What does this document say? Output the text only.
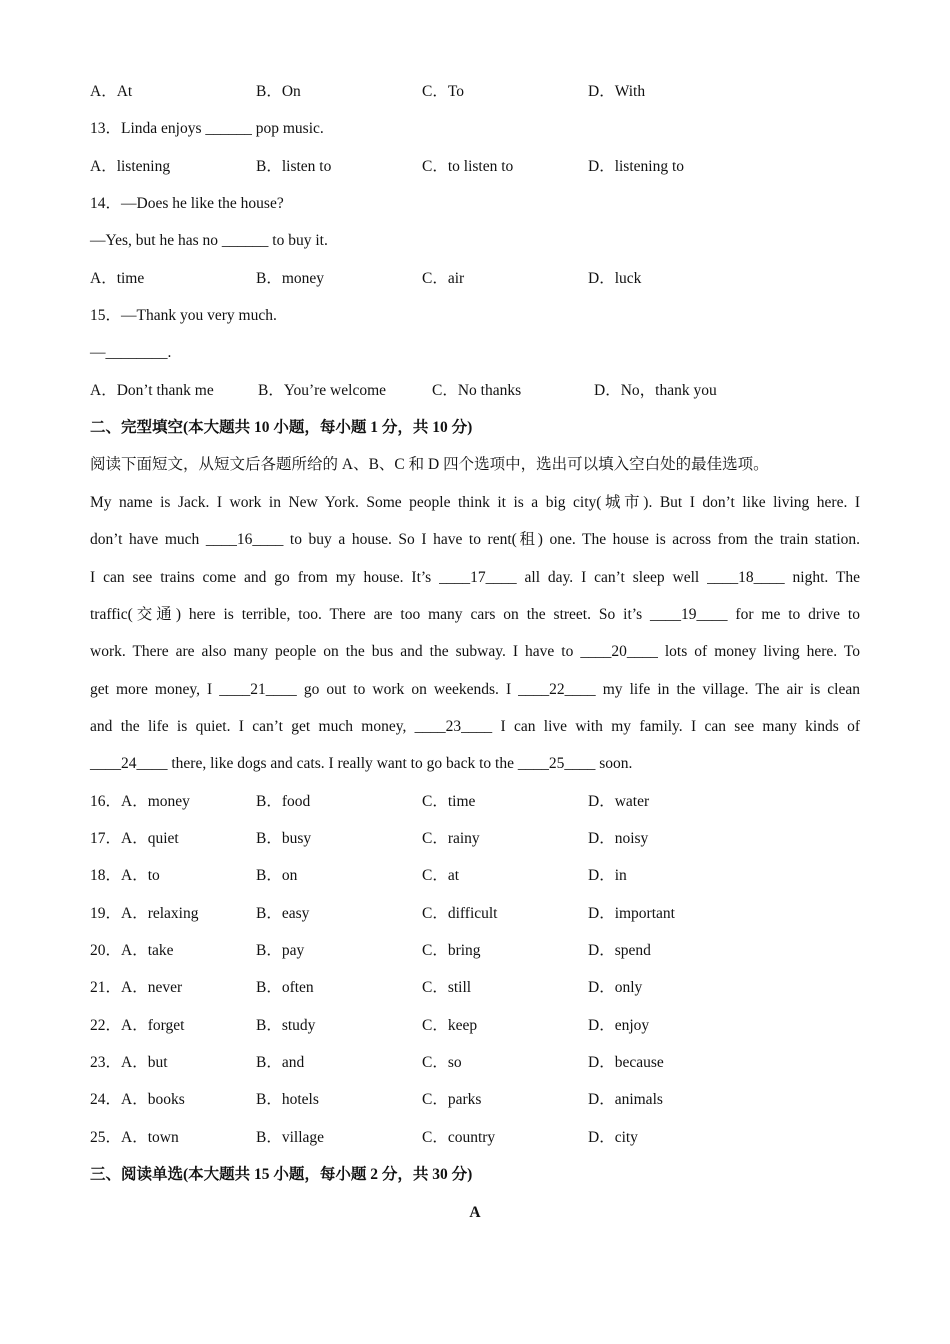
A．At	B．On	C．To	D．With
13．Linda enjoys ______ pop music.
A．listening	B．listen to	C．to listen to	D．listening to
14．—Does he like the house?
—Yes, but he has no ______ to buy it.
A．time	B．money	C．air	D．luck
15．—Thank you very much.
—________.
A．Don’t thank me	B．You’re welcome	C．No thanks	D．No，thank you
二、完型填空(本大题共 10 小题，每小题 1 分，共 10 分)
阅读下面短文，从短文后各题所给的 A、B、C 和 D 四个选项中，选出可以填入空白处的最佳选项。
My name is Jack. I work in New York. Some people think it is a big city(城市). But I don’t like living here. I
don’t have much ____16____ to buy a house. So I have to rent(租) one. The house is across from the train station.
I can see trains come and go from my house. It’s ____17____ all day. I can’t sleep well ____18____ night. The
traffic(交通) here is terrible, too. There are too many cars on the street. So it’s ____19____ for me to drive to
work. There are also many people on the bus and the subway. I have to ____20____ lots of money living here. To
get more money, I ____21____ go out to work on weekends. I ____22____ my life in the village. The air is clean
and the life is quiet. I can’t get much money, ____23____ I can live with my family. I can see many kinds of
____24____ there, like dogs and cats. I really want to go back to the ____25____ soon.
16．A．money	B．food	C．time	D．water
17．A．quiet	B．busy	C．rainy	D．noisy
18．A．to	B．on	C．at	D．in
19．A．relaxing	B．easy	C．difficult	D．important
20．A．take	B．pay	C．bring	D．spend
21．A．never	B．often	C．still	D．only
22．A．forget	B．study	C．keep	D．enjoy
23．A．but	B．and	C．so	D．because
24．A．books	B．hotels	C．parks	D．animals
25．A．town	B．village	C．country	D．city
三、阅读单选(本大题共 15 小题，每小题 2 分，共 30 分)
A
